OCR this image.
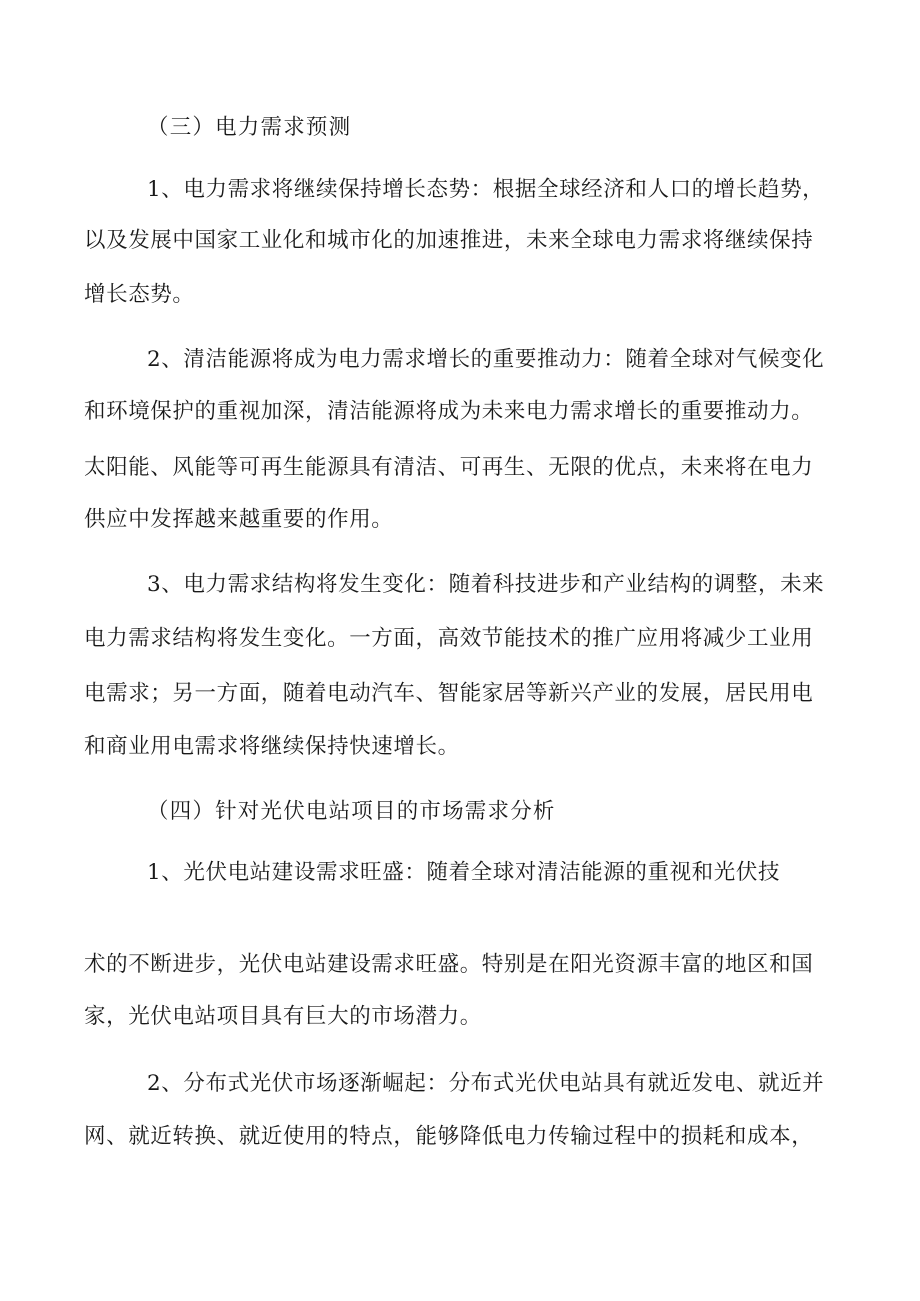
（三）电力需求预测
1、电力需求将继续保持增长态势：根据全球经济和人口的增长趋势，
以及发展中国家工业化和城市化的加速推进，未来全球电力需求将继续保持
增长态势。
2、清洁能源将成为电力需求增长的重要推动力：随着全球对气候变化
和环境保护的重视加深，清洁能源将成为未来电力需求增长的重要推动力。
太阳能、风能等可再生能源具有清洁、可再生、无限的优点，未来将在电力
供应中发挥越来越重要的作用。
3、电力需求结构将发生变化：随着科技进步和产业结构的调整，未来
电力需求结构将发生变化。一方面，高效节能技术的推广应用将减少工业用
电需求；另一方面，随着电动汽车、智能家居等新兴产业的发展，居民用电
和商业用电需求将继续保持快速增长。
（四）针对光伏电站项目的市场需求分析
1、光伏电站建设需求旺盛：随着全球对清洁能源的重视和光伏技
术的不断进步，光伏电站建设需求旺盛。特别是在阳光资源丰富的地区和国
家，光伏电站项目具有巨大的市场潜力。
2、分布式光伏市场逐渐崛起：分布式光伏电站具有就近发电、就近并
网、就近转换、就近使用的特点，能够降低电力传输过程中的损耗和成本，
